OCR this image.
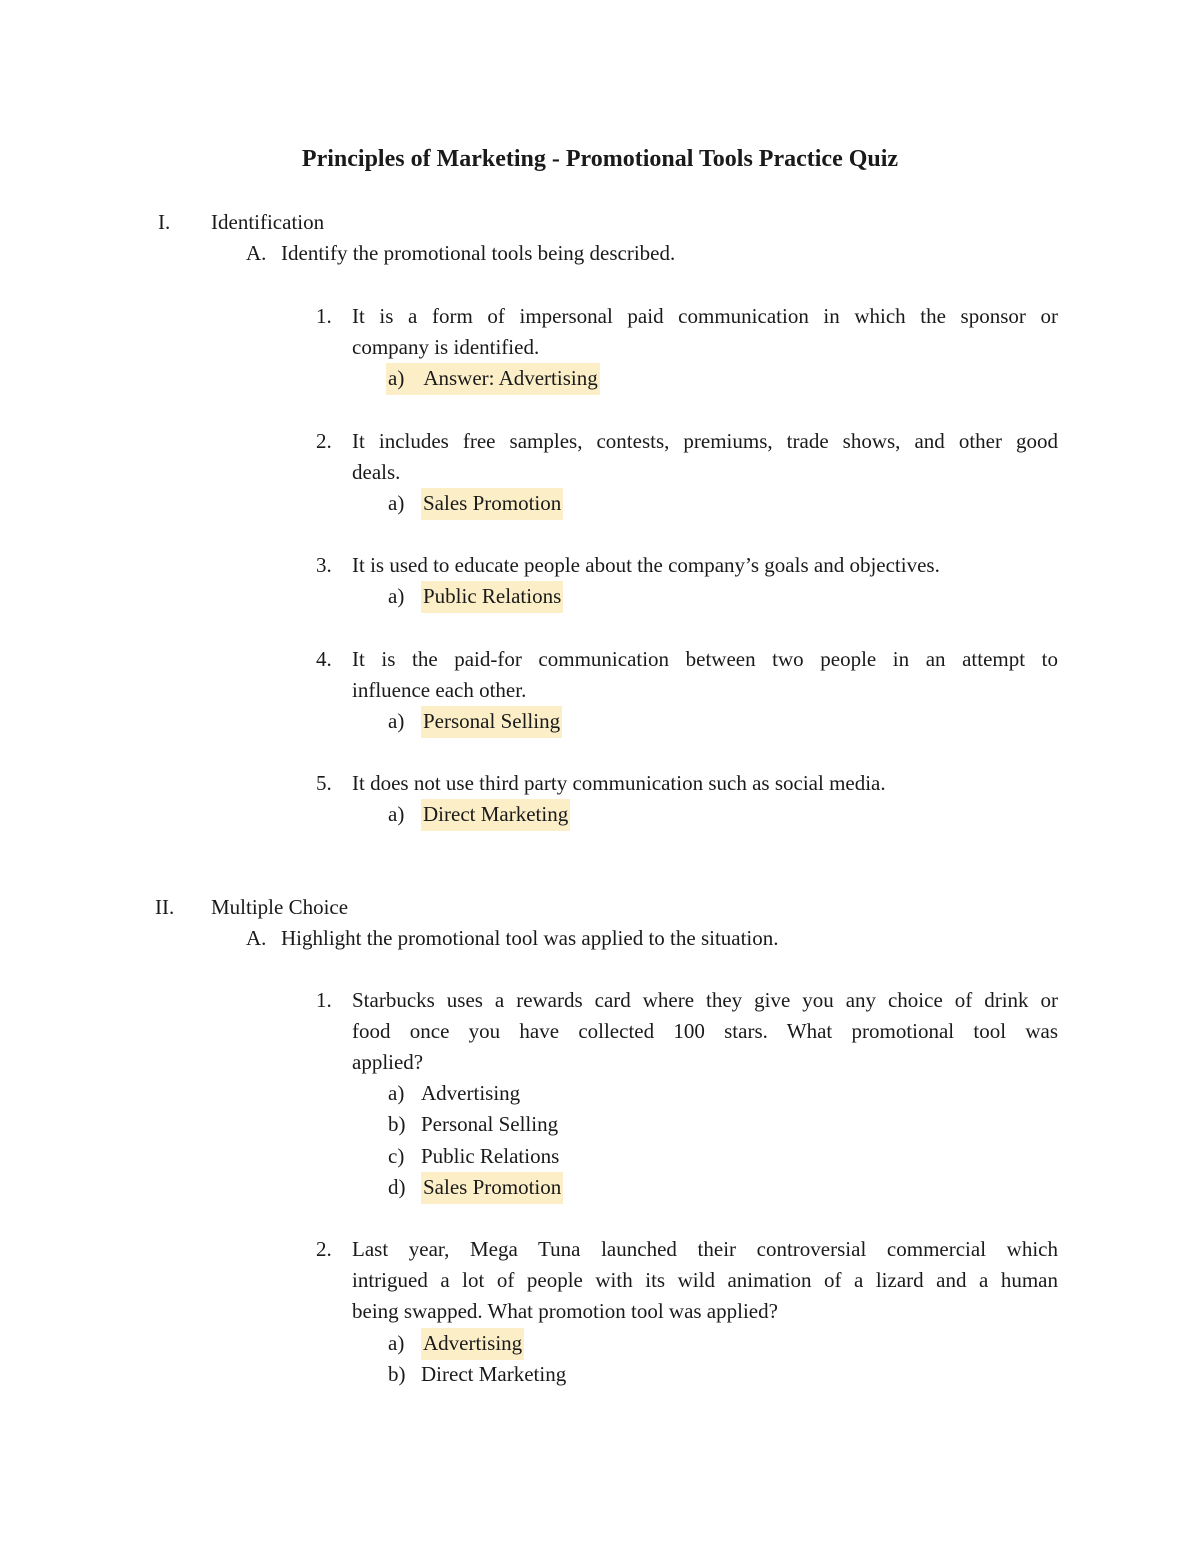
Principles of Marketing - Promotional Tools Practice Quiz
I. Identification
A. Identify the promotional tools being described.
1. It is a form of impersonal paid communication in which the sponsor or
company is identified.
a) Answer: Advertising
2. It includes free samples, contests, premiums, trade shows, and other good
deals.
a) Sales Promotion
3. It is used to educate people about the company’s goals and objectives.
a) Public Relations
4. It is the paid-for communication between two people in an attempt to
influence each other.
a) Personal Selling
5. It does not use third party communication such as social media.
a) Direct Marketing
II. Multiple Choice
A. Highlight the promotional tool was applied to the situation.
1. Starbucks uses a rewards card where they give you any choice of drink or
food once you have collected 100 stars. What promotional tool was
applied?
a) Advertising
b) Personal Selling
c) Public Relations
d) Sales Promotion
2. Last year, Mega Tuna launched their controversial commercial which
intrigued a lot of people with its wild animation of a lizard and a human
being swapped. What promotion tool was applied?
a) Advertising
b) Direct Marketing
